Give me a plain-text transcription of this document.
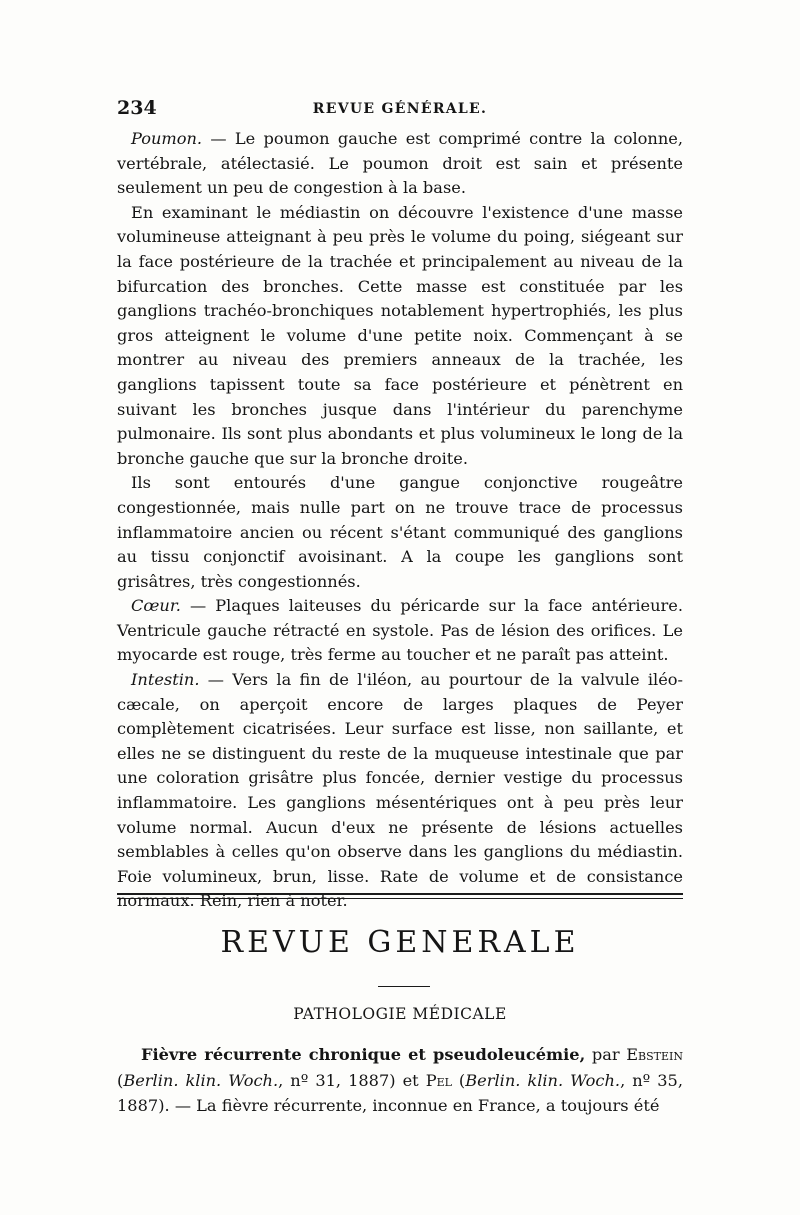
234	REVUE GÉNÉRALE.

Poumon. — Le poumon gauche est comprimé contre la colonne, vertébrale, atélectasié. Le poumon droit est sain et présente seulement un peu de congestion à la base.

En examinant le médiastin on découvre l'existence d'une masse volumineuse atteignant à peu près le volume du poing, siégeant sur la face postérieure de la trachée et principalement au niveau de la bifurcation des bronches. Cette masse est constituée par les ganglions trachéo-bronchiques notablement hypertrophiés, les plus gros atteignent le volume d'une petite noix. Commençant à se montrer au niveau des premiers anneaux de la trachée, les ganglions tapissent toute sa face postérieure et pénètrent en suivant les bronches jusque dans l'intérieur du parenchyme pulmonaire. Ils sont plus abondants et plus volumineux le long de la bronche gauche que sur la bronche droite.

Ils sont entourés d'une gangue conjonctive rougeâtre congestionnée, mais nulle part on ne trouve trace de processus inflammatoire ancien ou récent s'étant communiqué des ganglions au tissu conjonctif avoisinant. A la coupe les ganglions sont grisâtres, très congestionnés.

Cœur. — Plaques laiteuses du péricarde sur la face antérieure. Ventricule gauche rétracté en systole. Pas de lésion des orifices. Le myocarde est rouge, très ferme au toucher et ne paraît pas atteint.

Intestin. — Vers la fin de l'iléon, au pourtour de la valvule iléo-cæcale, on aperçoit encore de larges plaques de Peyer complètement cicatrisées. Leur surface est lisse, non saillante, et elles ne se distinguent du reste de la muqueuse intestinale que par une coloration grisâtre plus foncée, dernier vestige du processus inflammatoire. Les ganglions mésentériques ont à peu près leur volume normal. Aucun d'eux ne présente de lésions actuelles semblables à celles qu'on observe dans les ganglions du médiastin. Foie volumineux, brun, lisse. Rate de volume et de consistance normaux. Rein, rien à noter.

REVUE GENERALE
PATHOLOGIE MÉDICALE

Fièvre récurrente chronique et pseudoleucémie, par Ebstein (Berlin. klin. Woch., nº 31, 1887) et Pel (Berlin. klin. Woch., nº 35, 1887). — La fièvre récurrente, inconnue en France, a toujours été
